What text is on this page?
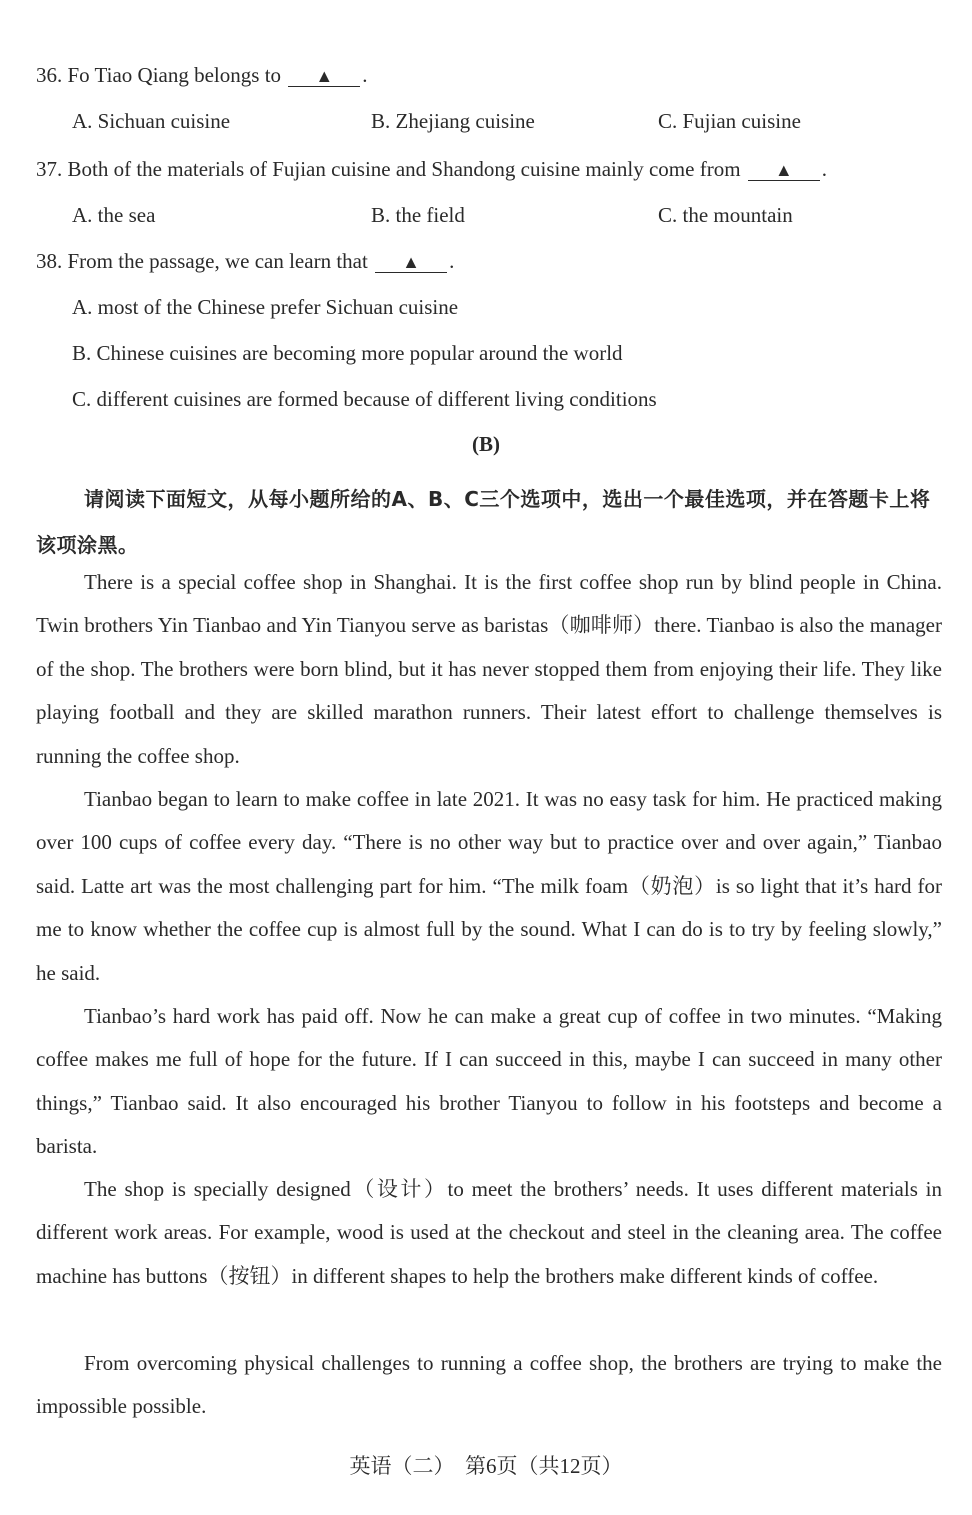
36. Fo Tiao Qiang belongs to ▲ .
A. Sichuan cuisine	B. Zhejiang cuisine	C. Fujian cuisine
37. Both of the materials of Fujian cuisine and Shandong cuisine mainly come from ▲ .
A. the sea	B. the field	C. the mountain
38. From the passage, we can learn that ▲ .
A. most of the Chinese prefer Sichuan cuisine
B. Chinese cuisines are becoming more popular around the world
C. different cuisines are formed because of different living conditions
(B)
请阅读下面短文，从每小题所给的A、B、C三个选项中，选出一个最佳选项，并在答题卡上将该项涂黑。
There is a special coffee shop in Shanghai. It is the first coffee shop run by blind people in China. Twin brothers Yin Tianbao and Yin Tianyou serve as baristas（咖啡师）there. Tianbao is also the manager of the shop. The brothers were born blind, but it has never stopped them from enjoying their life. They like playing football and they are skilled marathon runners. Their latest effort to challenge themselves is running the coffee shop.
Tianbao began to learn to make coffee in late 2021. It was no easy task for him. He practiced making over 100 cups of coffee every day. “There is no other way but to practice over and over again,” Tianbao said. Latte art was the most challenging part for him. “The milk foam（奶泡）is so light that it’s hard for me to know whether the coffee cup is almost full by the sound. What I can do is to try by feeling slowly,” he said.
Tianbao’s hard work has paid off. Now he can make a great cup of coffee in two minutes. “Making coffee makes me full of hope for the future. If I can succeed in this, maybe I can succeed in many other things,” Tianbao said. It also encouraged his brother Tianyou to follow in his footsteps and become a barista.
The shop is specially designed（设计）to meet the brothers’ needs. It uses different materials in different work areas. For example, wood is used at the checkout and steel in the cleaning area. The coffee machine has buttons（按钮）in different shapes to help the brothers make different kinds of coffee.
From overcoming physical challenges to running a coffee shop, the brothers are trying to make the impossible possible.
英语（二）　第6页（共12页）
